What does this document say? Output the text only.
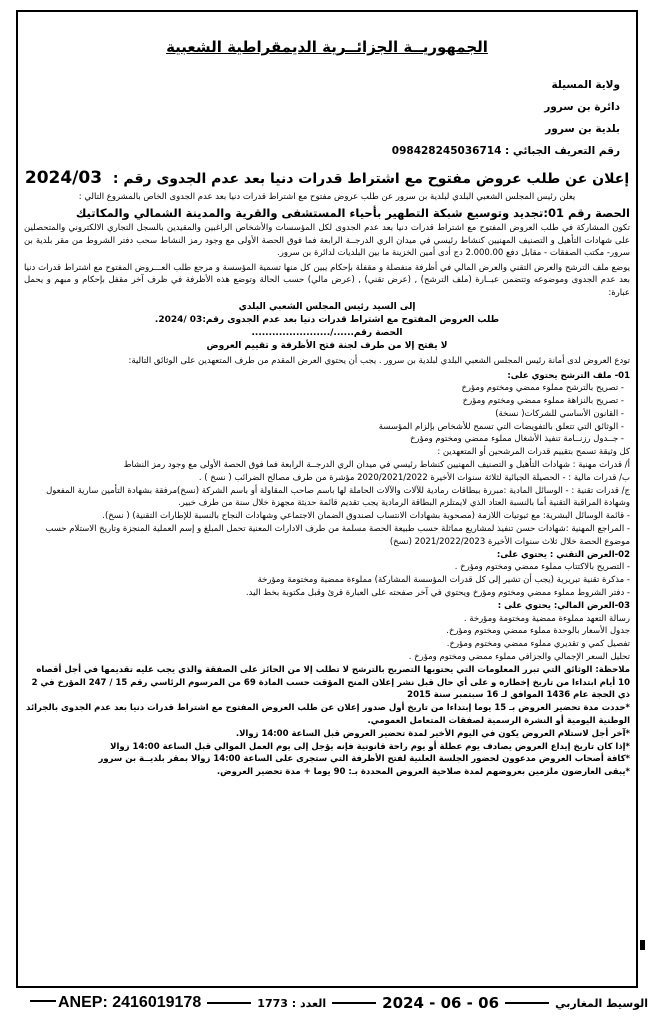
الجمهوريــة الجزائــرية الديمقراطية الشعبية
ولاية المسيلة
دائرة بن سرور
بلدية بن سرور
رقم التعريف الجبائي : 098428245036714
إعلان عن طلب عروض مفتوح مع اشتراط قدرات دنيا بعد عدم الجدوى رقم : 2024/03
يعلن رئيس المجلس الشعبي البلدي لبلدية بن سرور عن طلب عروض مفتوح مع اشتراط قدرات دنيا بعد عدم الجدوى الخاص بالمشروع التالي :
الحصة رقم 01:تجديد وتوسيع شبكة التطهير بأحياء المستشفى والقرية والمدينة الشمالي والمكاتيك

تكون المشاركة في طلب العروض المفتوح مع اشتراط قدرات دنيا بعد عدم الجدوى لكل المؤسسات والأشخاص الراغبين والمقيدين بالسجل التجاري الالكتروني والمتحصلين على شهادات التأهيل و التصنيف المهنيين كنشاط رئيسي في ميدان الري الدرجــة الرابعة فما فوق الحصة الأولى مع وجود رمز النشاط سحب دفتر الشروط من مقر بلدية بن سرور- مكتب الصفقات - مقابل دفع 2.000.00 دج أدى أمين الخزينة ما بين البلديات لدائرة بن سرور.

يوضع ملف الترشح والعرض التقني والعرض المالي في أظرفة منفصلة و مقفلة بإحكام يبين كل منها تسمية المؤسسة و مرجع طلب العـــروض المفتوح مع اشتراط قدرات دنيا بعد عدم الجدوى وموضوعه وتتضمن عبــارة (ملف الترشح) , (عرض تقني) , (عرض مالي) حسب الحالة وتوضع هذه الأظرفة في ظرف آخر مقفل بإحكام و مبهم و يحمل عبارة:

إلى السيد رئيس المجلس الشعبي البلدي
طلب العروض المفتوح مع اشتراط قدرات دنيا بعد عدم الجدوى رقم:03 /2024.
الحصة رقم....../.......................
لا يفتح إلا من طرف لجنة فتح الأظرفة و تقييم العروض

تودع العروض لدى أمانة رئيس المجلس الشعبي البلدي لبلدية بن سرور . يجب أن يحتوي العرض المقدم من طرف المتعهدين على الوثائق التالية:

01- ملف الترشح يحتوي على:
- تصريح بالترشح مملوء ممضي ومختوم ومؤرخ
- تصريح بالنزاهة مملوء ممضي ومختوم ومؤرخ
- القانون الأساسي للشركات( نسخة)
- الوثائق التي تتعلق بالتفويضات التي تسمح للأشخاص بإلزام المؤسسة
- جــدول رزنــامة تنفيذ الأشغال مملوء ممضي ومختوم ومؤرخ
كل وثيقة تسمح بتقييم قدرات المرشحين أو المتعهدين :
أ/ قدرات مهنية : شهادات التأهيل و التصنيف المهنيين كنشاط رئيسي في ميدان الري الدرجــة الرابعة فما فوق الحصة الأولى مع وجود رمز النشاط
ب/ قدرات مالية : - الحصيلة الجبائية لثلاثة سنوات الأخيرة 2020/2021/2022 مؤشرة من طرف مصالح الضرائب ( نسخ ) .
ج/ قدرات تقنية : - الوسائل المادية :مبررة ببطاقات رمادية للآلات والآلات الحاملة لها باسم صاحب المقاولة أو باسم الشركة (نسخ)مرفقة بشهادة التأمين سارية المفعول وشهادة المراقبة التقنية أما بالنسبة العتاد الذي لايمتلزم البطاقة الرمادية يجب تقديم قائمة حديثة مجهزة خلال سنة من طرف خبير.
- قائمة الوسائل البشرية: مع ثبوتيات اللازمة (مصحوبة بشهادات الانتساب لصندوق الضمان الاجتماعي وشهادات النجاح بالنسبة للإطارات التقنية) ( نسخ).
- المراجع المهنية :شهادات حسن تنفيذ لمشاريع مماثلة حسب طبيعة الحصة مسلمة من طرف الادارات المعنية تحمل المبلغ و إسم العملية المنجزة وتاريخ الاستلام حسب موضوع الحصة خلال ثلاث سنوات الأخيرة 2021/2022/2023 (نسخ)
02-العرض التقني : يحتوي على:
- التصريح بالاكتتاب مملوء ممضي ومختوم ومؤرخ .
- مذكرة تقنية تبريرية (يجب أن تشير إلى كل قدرات المؤسسة المشاركة) مملوءة ممضية ومختومة ومؤرخة
- دفتر الشروط مملوء ممضي ومختوم ومؤرخ ويحتوي في آخر صفحته على العبارة قرئ وقبل مكتوبة بخط اليد.
03-العرض المالي: يحتوي على :
رسالة التعهد مملوءة ممضية ومختومة ومؤرخة .
جدول الأسعار بالوحدة مملوء ممضي ومختوم ومؤرخ.
تفصيل كمي و تقديري مملوء ممضي ومختوم ومؤرخ.
تحليل السعر الإجمالي والجزافي مملوء ممضي ومختوم ومؤرخ .
ملاحظة: الوثائق التي تبرر المعلومات التي يحتويها التصريح بالترشح لا تطلب إلا من الحائز على الصفقة والذي يجب عليه تقديمها في أجل أقصاه 10 أيام ابتداءا من تاريخ إخطاره و على أي حال قبل نشر إعلان المنح المؤقت حسب المادة 69 من المرسوم الرئاسي رقم 15 / 247 المؤرخ في 2 ذي الحجة عام 1436 الموافق لـ 16 سبتمبر سنة 2015
*حددت مدة تحضير العروض بـ 15 يوما إبتداءا من تاريخ أول صدور إعلان عن طلب العروض المفتوح مع اشتراط قدرات دنيا بعد عدم الجدوى بالجرائد الوطنية اليومية أو النشرة الرسمية لصفقات المتعامل العمومي.
*آخر أجل لاستلام العروض يكون في اليوم الأخير لمدة تحضير العروض قبل الساعة 14:00 زوالا.
*إذا كان تاريخ إيداع العروض يصادف يوم عطلة أو يوم راحة قانونية فإنه يؤجل إلى يوم العمل الموالي قبل الساعة 14:00 زوالا
*كافة أصحاب العروض مدعوون لحضور الجلسة العلنية لفتح الأظرفة التي ستجرى على الساعة 14:00 زوالا بمقر بلديــة بن سرور
*يبقى العارضون ملزمين بعروضهم لمدة صلاحية العروض المحددة بـ: 90 يوما + مدة تحضير العروض.
ANEP: 2416019178	العدد : 1773	2024 - 06 - 06	الوسيط المغاربي
